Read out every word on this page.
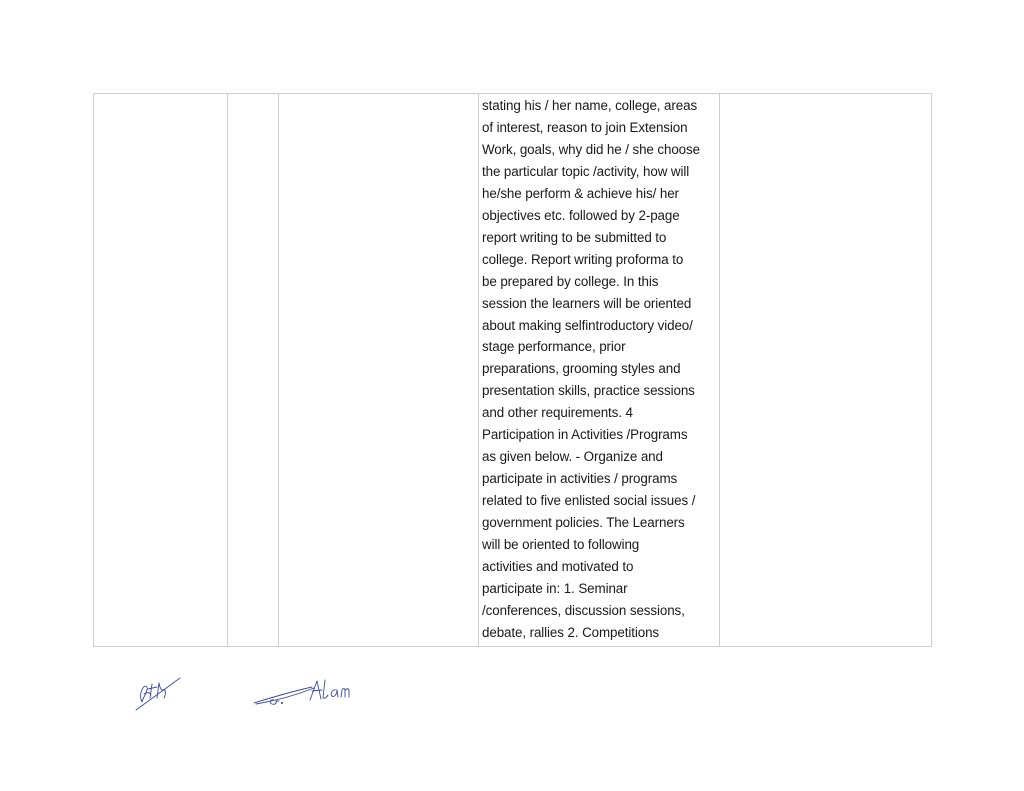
stating his / her name, college, areas
of interest, reason to join Extension
Work, goals, why did he / she choose
the particular topic /activity, how will
he/she perform & achieve his/ her
objectives etc. followed by 2-page
report writing to be submitted to
college. Report writing proforma to
be prepared by college. In this
session the learners will be oriented
about making selfintroductory video/
stage performance, prior
preparations, grooming styles and
presentation skills, practice sessions
and other requirements. 4
Participation in Activities /Programs
as given below. - Organize and
participate in activities / programs
related to five enlisted social issues /
government policies. The Learners
will be oriented to following
activities and motivated to
participate in: 1. Seminar
/conferences, discussion sessions,
debate, rallies 2. Competitions
